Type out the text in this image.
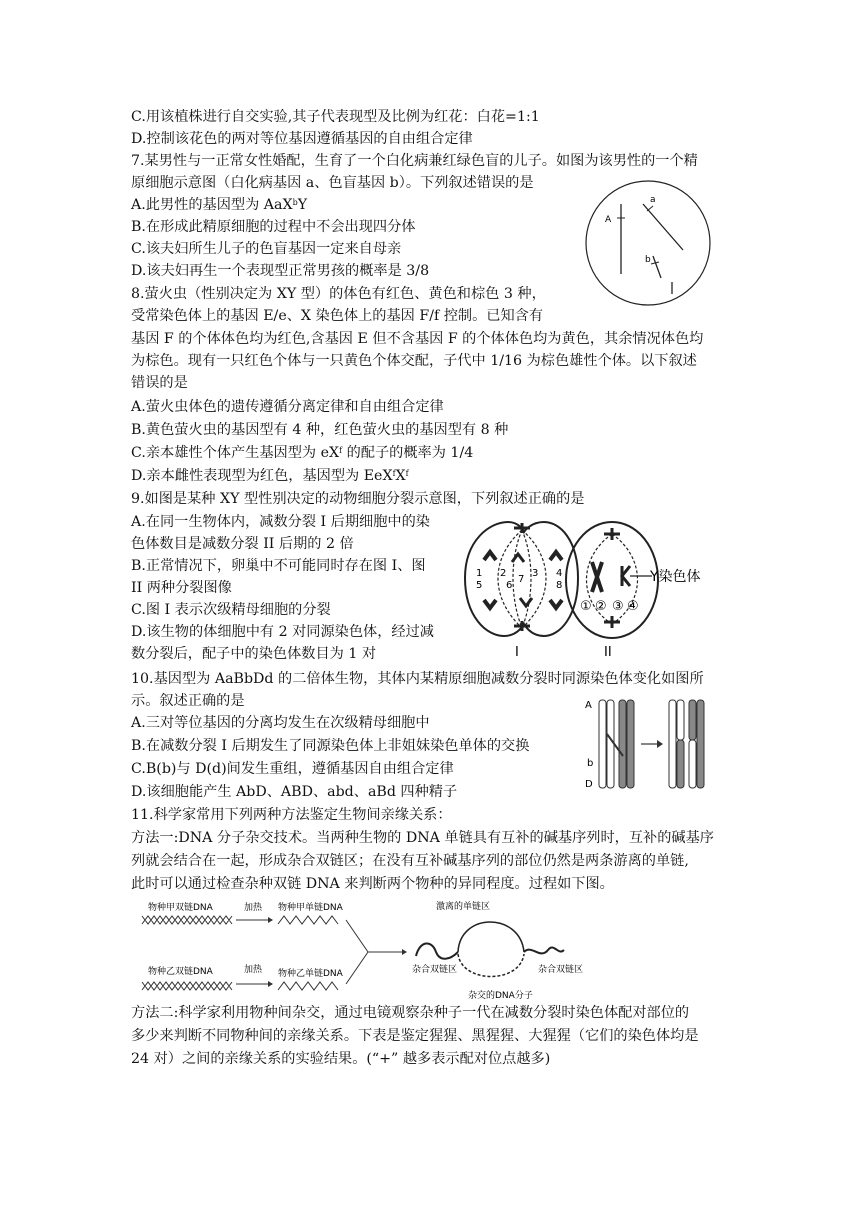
C.用该植株进行自交实验,其子代表现型及比例为红花：白花=1:1
D.控制该花色的两对等位基因遵循基因的自由组合定律
7.某男性与一正常女性婚配，生育了一个白化病兼红绿色盲的儿子。如图为该男性的一个精
原细胞示意图（白化病基因 a、色盲基因 b）。下列叙述错误的是
A.此男性的基因型为 AaX$^b$Y
B.在形成此精原细胞的过程中不会出现四分体
C.该夫妇所生儿子的色盲基因一定来自母亲
D.该夫妇再生一个表现型正常男孩的概率是 3/8
8.萤火虫（性别决定为 XY 型）的体色有红色、黄色和棕色 3 种，
受常染色体上的基因 E/e、X 染色体上的基因 F/f 控制。已知含有
基因 F 的个体体色均为红色,含基因 E 但不含基因 F 的个体体色均为黄色，其余情况体色均
为棕色。现有一只红色个体与一只黄色个体交配，子代中 1/16 为棕色雄性个体。以下叙述
错误的是
A.萤火虫体色的遗传遵循分离定律和自由组合定律
B.黄色萤火虫的基因型有 4 种，红色萤火虫的基因型有 8 种
C.亲本雄性个体产生基因型为 $eX^f$ 的配子的概率为 1/4
D.亲本雌性表现型为红色，基因型为 $EeX^fX^f$
9.如图是某种 XY 型性别决定的动物细胞分裂示意图，下列叙述正确的是
A.在同一生物体内，减数分裂 I 后期细胞中的染
色体数目是减数分裂 II 后期的 2 倍
B.正常情况下，卵巢中不可能同时存在图 I、图
II 两种分裂图像
C.图 I 表示次级精母细胞的分裂
D.该生物的体细胞中有 2 对同源染色体，经过减
数分裂后，配子中的染色体数目为 1 对
10.基因型为 AaBbDd 的二倍体生物，其体内某精原细胞减数分裂时同源染色体变化如图所
示。叙述正确的是
A.三对等位基因的分离均发生在次级精母细胞中
B.在减数分裂 I 后期发生了同源染色体上非姐妹染色单体的交换
C.B(b)与 D(d)间发生重组，遵循基因自由组合定律
D.该细胞能产生 AbD、ABD、abd、aBd 四种精子
11.科学家常用下列两种方法鉴定生物间亲缘关系：
方法一:DNA 分子杂交技术。当两种生物的 DNA 单链具有互补的碱基序列时，互补的碱基序
列就会结合在一起，形成杂合双链区；在没有互补碱基序列的部位仍然是两条游离的单链,
此时可以通过检查杂种双链 DNA 来判断两个物种的异同程度。过程如下图。
方法二:科学家利用物种间杂交，通过电镜观察杂种子一代在减数分裂时染色体配对部位的
多少来判断不同物种间的亲缘关系。下表是鉴定猩猩、黑猩猩、大猩猩（它们的染色体均是
24 对）之间的亲缘关系的实验结果。(“+” 越多表示配对位点越多)
A
a
b
1
5
2
6
7
3 4
8
I
Y染色体
① ② ③ ④
II
A
b
D
物种甲双链DNA	加热 物种甲单链DNA
物种乙双链DNA	加热 物种乙单链DNA
激离的单链区
杂合双链区	杂合双链区
杂交的DNA分子
